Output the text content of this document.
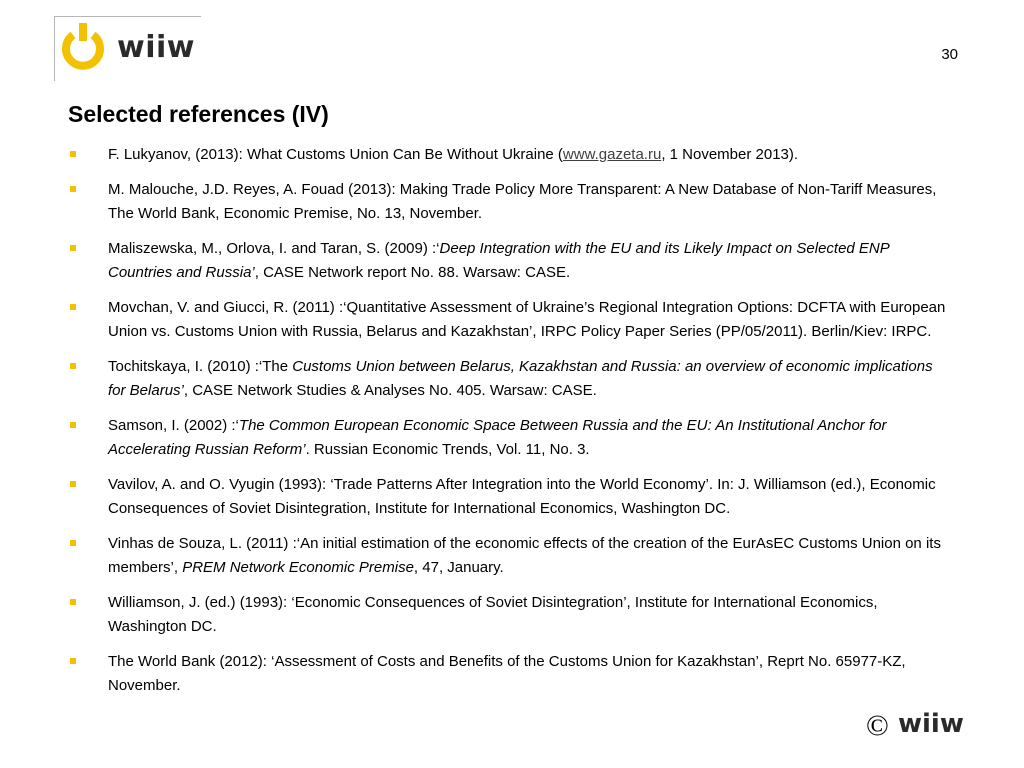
wiiw	30
Selected references (IV)
F. Lukyanov, (2013): What Customs Union Can Be Without Ukraine (www.gazeta.ru, 1 November 2013).
M. Malouche, J.D. Reyes, A. Fouad (2013): Making Trade Policy More Transparent: A New Database of Non-Tariff Measures, The World Bank, Economic Premise, No. 13, November.
Maliszewska, M., Orlova, I. and Taran, S. (2009) :‘Deep Integration with the EU and its Likely Impact on Selected ENP Countries and Russia’, CASE Network report No. 88. Warsaw: CASE.
Movchan, V. and Giucci, R. (2011) :‘Quantitative Assessment of Ukraine’s Regional Integration Options: DCFTA with European Union vs. Customs Union with Russia, Belarus and Kazakhstan’, IRPC Policy Paper Series (PP/05/2011). Berlin/Kiev: IRPC.
Tochitskaya, I. (2010) :‘The Customs Union between Belarus, Kazakhstan and Russia: an overview of economic implications for Belarus’, CASE Network Studies & Analyses No. 405. Warsaw: CASE.
Samson, I. (2002) :‘The Common European Economic Space Between Russia and the EU: An Institutional Anchor for Accelerating Russian Reform’. Russian Economic Trends, Vol. 11, No. 3.
Vavilov, A. and O. Vyugin (1993): ‘Trade Patterns After Integration into the World Economy’. In: J. Williamson (ed.), Economic Consequences of Soviet Disintegration, Institute for International Economics, Washington DC.
Vinhas de Souza, L. (2011) :‘An initial estimation of the economic effects of the creation of the EurAsEC Customs Union on its members’, PREM Network Economic Premise, 47, January.
Williamson, J. (ed.) (1993): ‘Economic Consequences of Soviet Disintegration’, Institute for International Economics, Washington DC.
The World Bank (2012): ‘Assessment of Costs and Benefits of the Customs Union for Kazakhstan’, Reprt No. 65977-KZ, November.
© wiiw
